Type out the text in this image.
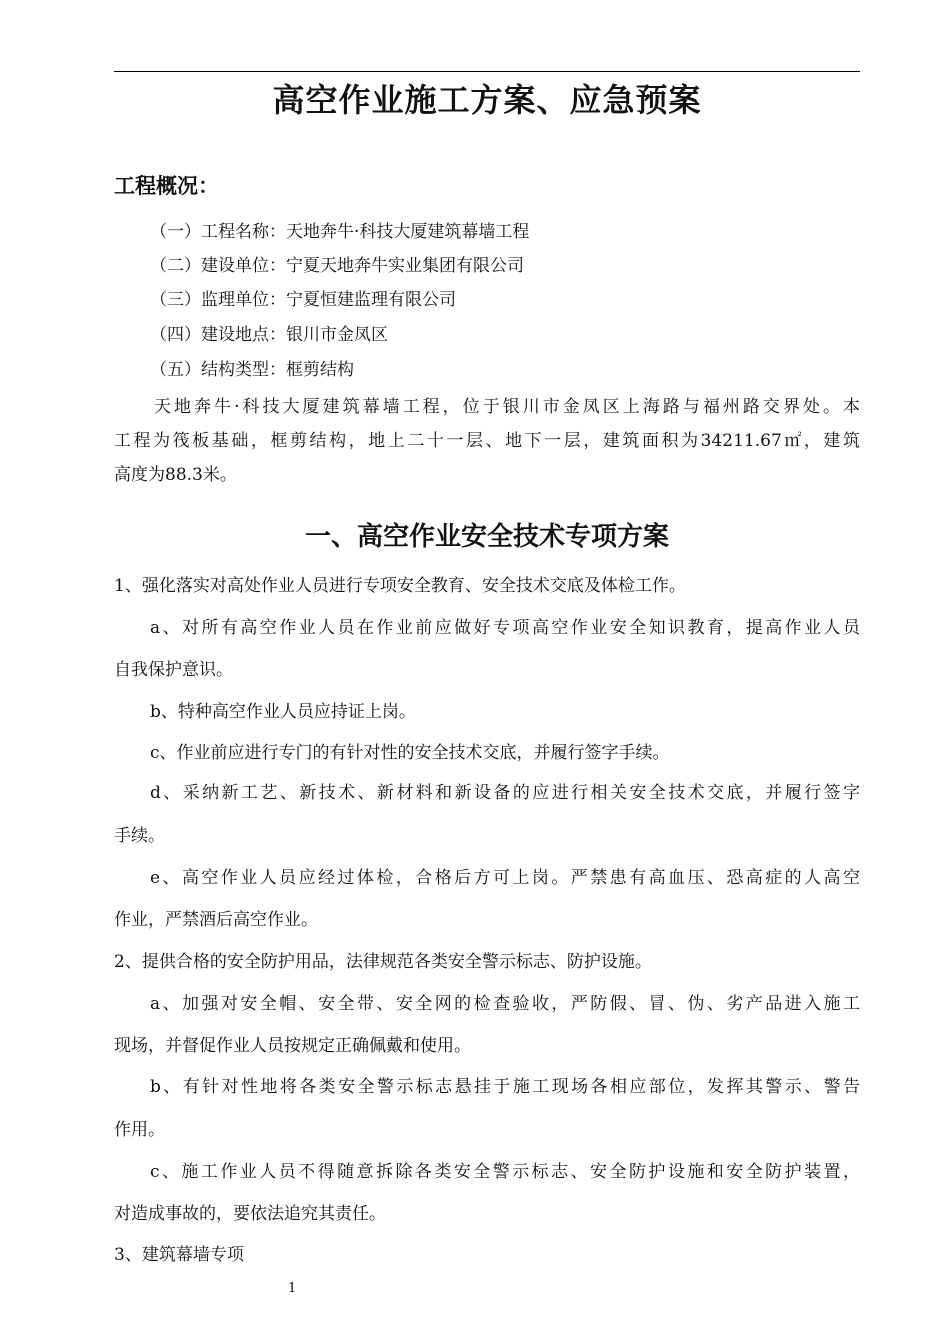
高空作业施工方案、应急预案
工程概况：
（一）工程名称：天地奔牛·科技大厦建筑幕墙工程
（二）建设单位：宁夏天地奔牛实业集团有限公司
（三）监理单位：宁夏恒建监理有限公司
（四）建设地点：银川市金凤区
（五）结构类型：框剪结构
天地奔牛·科技大厦建筑幕墙工程，位于银川市金凤区上海路与福州路交界处。本
工程为筏板基础，框剪结构，地上二十一层、地下一层，建筑面积为34211.67㎡，建筑
高度为88.3米。
一、高空作业安全技术专项方案
1、强化落实对高处作业人员进行专项安全教育、安全技术交底及体检工作。
a、对所有高空作业人员在作业前应做好专项高空作业安全知识教育，提高作业人员
自我保护意识。
b、特种高空作业人员应持证上岗。
c、作业前应进行专门的有针对性的安全技术交底，并履行签字手续。
d、采纳新工艺、新技术、新材料和新设备的应进行相关安全技术交底，并履行签字
手续。
e、高空作业人员应经过体检，合格后方可上岗。严禁患有高血压、恐高症的人高空
作业，严禁酒后高空作业。
2、提供合格的安全防护用品，法律规范各类安全警示标志、防护设施。
a、加强对安全帽、安全带、安全网的检查验收，严防假、冒、伪、劣产品进入施工
现场，并督促作业人员按规定正确佩戴和使用。
b、有针对性地将各类安全警示标志悬挂于施工现场各相应部位，发挥其警示、警告
作用。
c、施工作业人员不得随意拆除各类安全警示标志、安全防护设施和安全防护装置，
对造成事故的，要依法追究其责任。
3、建筑幕墙专项
1
